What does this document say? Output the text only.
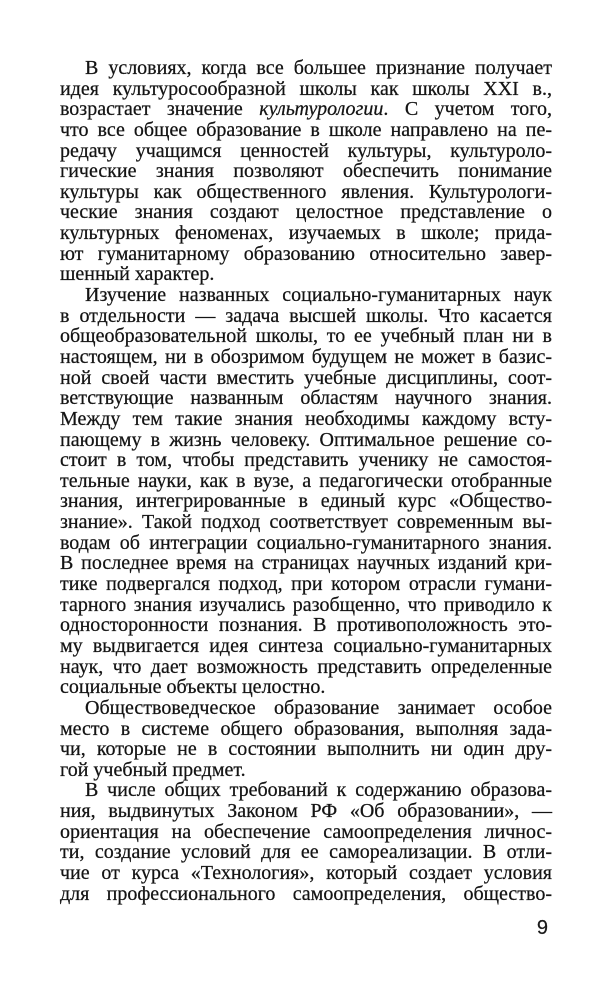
В условиях, когда все большее признание получает
идея культуросообразной школы как школы XXI в.,
возрастает значение культурологии. С учетом того,
что все общее образование в школе направлено на пе-
редачу учащимся ценностей культуры, культуроло-
гические знания позволяют обеспечить понимание
культуры как общественного явления. Культурологи-
ческие знания создают целостное представление о
культурных феноменах, изучаемых в школе; прида-
ют гуманитарному образованию относительно завер-
шенный характер.
Изучение названных социально-гуманитарных наук
в отдельности — задача высшей школы. Что касается
общеобразовательной школы, то ее учебный план ни в
настоящем, ни в обозримом будущем не может в базис-
ной своей части вместить учебные дисциплины, соот-
ветствующие названным областям научного знания.
Между тем такие знания необходимы каждому всту-
пающему в жизнь человеку. Оптимальное решение со-
стоит в том, чтобы представить ученику не самостоя-
тельные науки, как в вузе, а педагогически отобранные
знания, интегрированные в единый курс «Общество-
знание». Такой подход соответствует современным вы-
водам об интеграции социально-гуманитарного знания.
В последнее время на страницах научных изданий кри-
тике подвергался подход, при котором отрасли гумани-
тарного знания изучались разобщенно, что приводило к
односторонности познания. В противоположность это-
му выдвигается идея синтеза социально-гуманитарных
наук, что дает возможность представить определенные
социальные объекты целостно.
Обществоведческое образование занимает особое
место в системе общего образования, выполняя зада-
чи, которые не в состоянии выполнить ни один дру-
гой учебный предмет.
В числе общих требований к содержанию образова-
ния, выдвинутых Законом РФ «Об образовании», —
ориентация на обеспечение самоопределения личнос-
ти, создание условий для ее самореализации. В отли-
чие от курса «Технология», который создает условия
для профессионального самоопределения, общество-
9
